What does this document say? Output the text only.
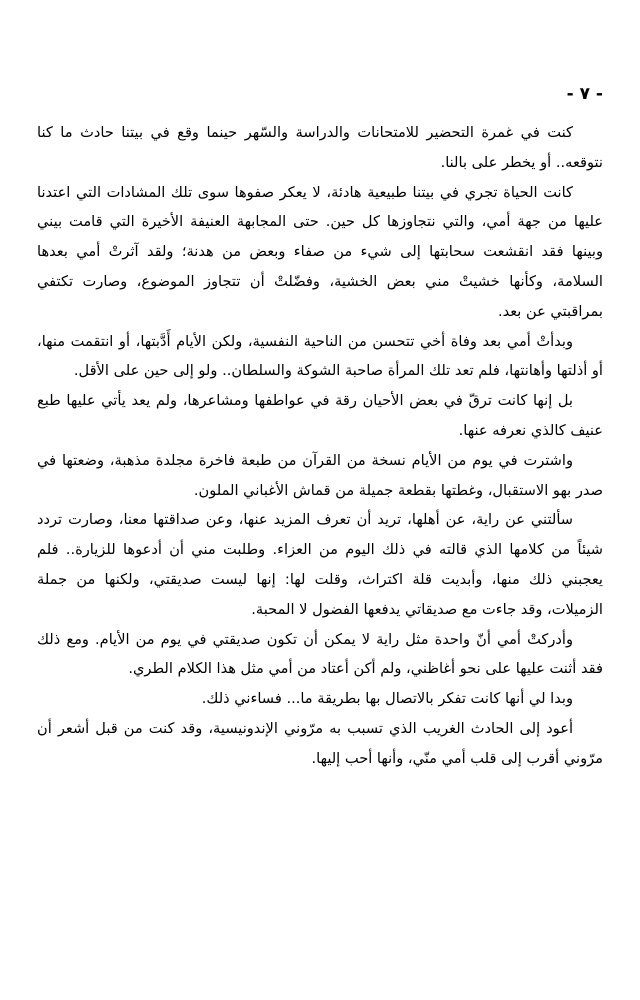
- ٧ -

كنت في غمرة التحضير للامتحانات والدراسة والسّهر حينما وقع في بيتنا حادث ما كنا نتوقعه.. أو يخطر على بالنا.

كانت الحياة تجري في بيتنا طبيعية هادئة، لا يعكر صفوها سوى تلك المشادات التي اعتدنا عليها من جهة أمي، والتي نتجاوزها كل حين. حتى المجابهة العنيفة الأخيرة التي قامت بيني وبينها فقد انقشعت سحابتها إلى شيء من صفاء وبعض من هدنة؛ ولقد آثرتْ أمي بعدها السلامة، وكأنها خشيتْ مني بعض الخشية، وفضّلتْ أن تتجاوز الموضوع، وصارت تكتفي بمراقبتي عن بعد.

وبدأتْ أمي بعد وفاة أخي تتحسن من الناحية النفسية، ولكن الأيام أَدَّبتها، أو انتقمت منها، أو أذلتها وأهانتها، فلم تعد تلك المرأة صاحبة الشوكة والسلطان.. ولو إلى حين على الأقل.

بل إنها كانت ترقّ في بعض الأحيان رقة في عواطفها ومشاعرها، ولم يعد يأتي عليها طبع عنيف كالذي نعرفه عنها.

واشترت في يوم من الأيام نسخة من القرآن من طبعة فاخرة مجلدة مذهبة، وضعتها في صدر بهو الاستقبال، وغطتها بقطعة جميلة من قماش الأغباني الملون.

سألتني عن راية، عن أهلها، تريد أن تعرف المزيد عنها، وعن صداقتها معنا، وصارت تردد شيئاً من كلامها الذي قالته في ذلك اليوم من العزاء. وطلبت مني أن أدعوها للزيارة.. فلم يعجبني ذلك منها، وأبديت قلة اكتراث، وقلت لها: إنها ليست صديقتي، ولكنها من جملة الزميلات، وقد جاءت مع صديقاتي يدفعها الفضول لا المحبة.

وأدركتْ أمي أنّ واحدة مثل راية لا يمكن أن تكون صديقتي في يوم من الأيام. ومع ذلك فقد أثنت عليها على نحو أغاظني، ولم أكن أعتاد من أمي مثل هذا الكلام الطري.

وبدا لي أنها كانت تفكر بالاتصال بها بطريقة ما... فساءني ذلك.

أعود إلى الحادث الغريب الذي تسبب به مرّوني الإندونيسية، وقد كنت من قبل أشعر أن مرّوني أقرب إلى قلب أمي منّي، وأنها أحب إليها.
